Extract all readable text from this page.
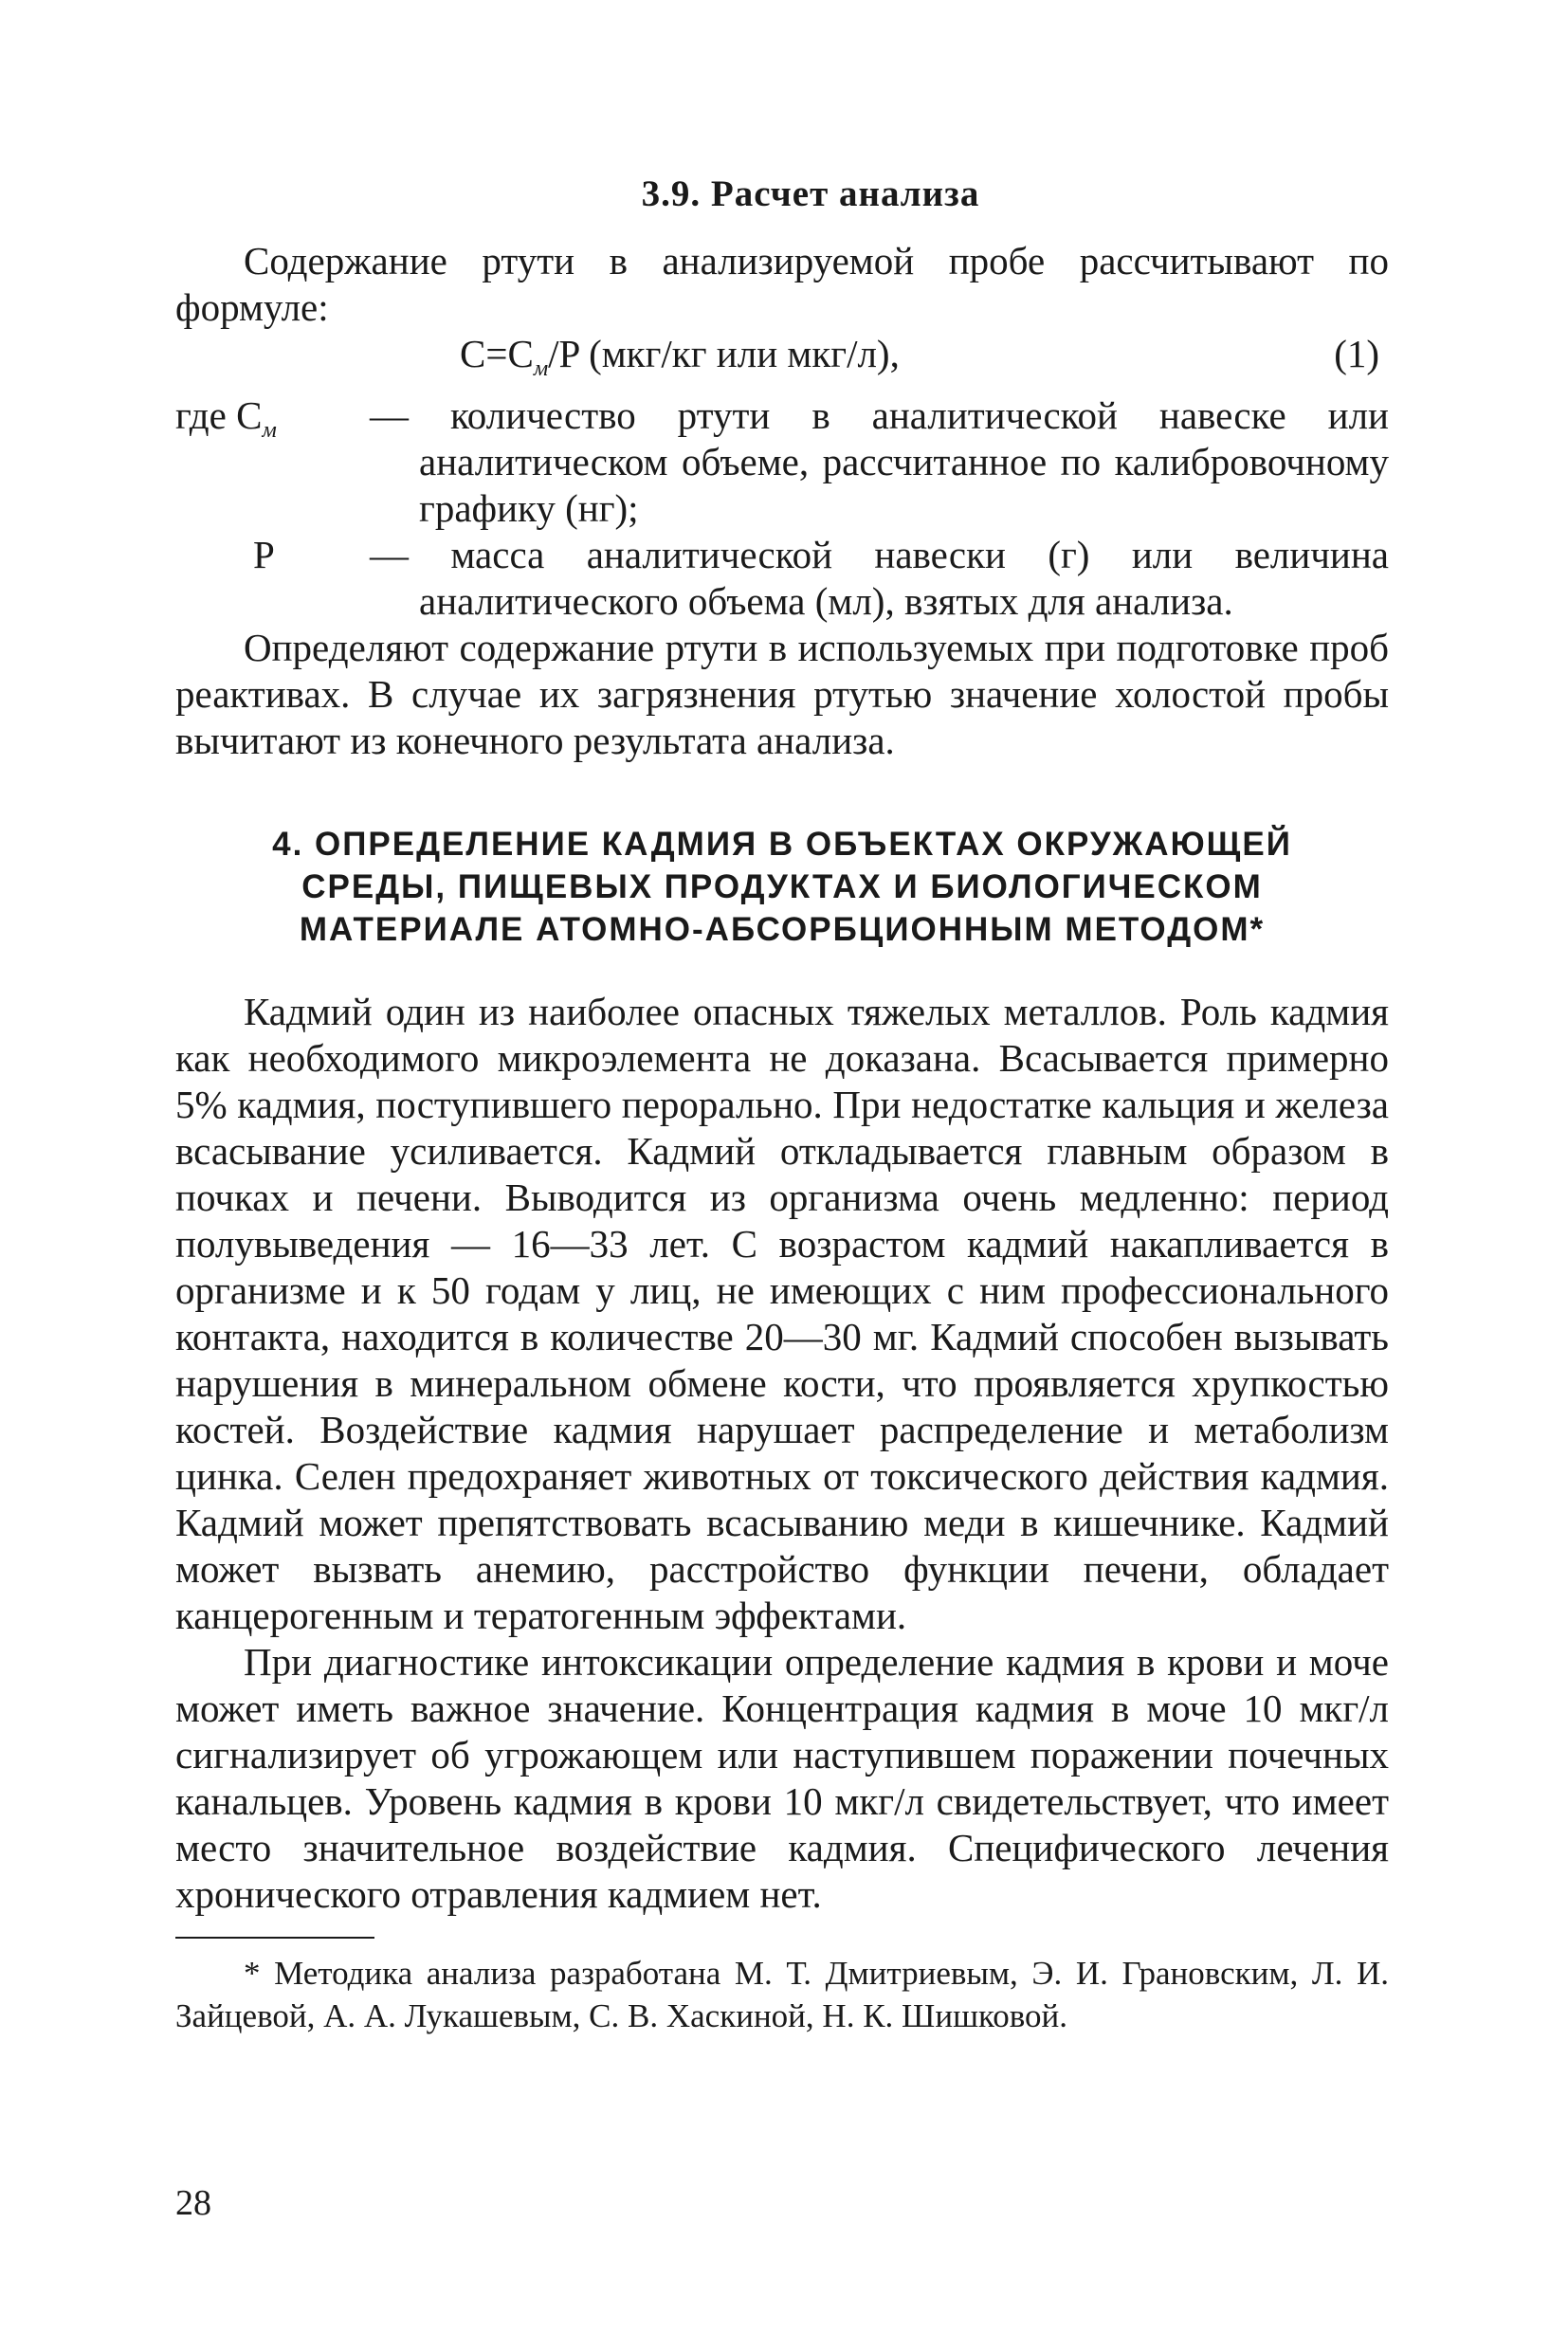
3.9. Расчет анализа

Содержание ртути в анализируемой пробе рассчитывают по формуле:

$C=C_м/P$ (мкг/кг или мкг/л),	(1)
где $C_м$	— количество ртути в аналитической навеске или аналитическом объеме, рассчитанное по калибровочному графику (нг);
P	— масса аналитической навески (г) или величина аналитического объема (мл), взятых для анализа.

Определяют содержание ртути в используемых при подготовке проб реактивах. В случае их загрязнения ртутью значение холостой пробы вычитают из конечного результата анализа.

4. ОПРЕДЕЛЕНИЕ КАДМИЯ В ОБЪЕКТАХ ОКРУЖАЮЩЕЙ
СРЕДЫ, ПИЩЕВЫХ ПРОДУКТАХ И БИОЛОГИЧЕСКОМ
МАТЕРИАЛЕ АТОМНО-АБСОРБЦИОННЫМ МЕТОДОМ*

Кадмий один из наиболее опасных тяжелых металлов. Роль кадмия как необходимого микроэлемента не доказана. Всасывается примерно 5% кадмия, поступившего перорально. При недостатке кальция и железа всасывание усиливается. Кадмий откладывается главным образом в почках и печени. Выводится из организма очень медленно: период полувыведения — 16—33 лет. С возрастом кадмий накапливается в организме и к 50 годам у лиц, не имеющих с ним профессионального контакта, находится в количестве 20—30 мг. Кадмий способен вызывать нарушения в минеральном обмене кости, что проявляется хрупкостью костей. Воздействие кадмия нарушает распределение и метаболизм цинка. Селен предохраняет животных от токсического действия кадмия. Кадмий может препятствовать всасыванию меди в кишечнике. Кадмий может вызвать анемию, расстройство функции печени, обладает канцерогенным и тератогенным эффектами.

При диагностике интоксикации определение кадмия в крови и моче может иметь важное значение. Концентрация кадмия в моче 10 мкг/л сигнализирует об угрожающем или наступившем поражении почечных канальцев. Уровень кадмия в крови 10 мкг/л свидетельствует, что имеет место значительное воздействие кадмия. Специфического лечения хронического отравления кадмием нет.

* Методика анализа разработана М. Т. Дмитриевым, Э. И. Грановским, Л. И. Зайцевой, А. А. Лукашевым, С. В. Хаскиной, Н. К. Шишковой.

28
